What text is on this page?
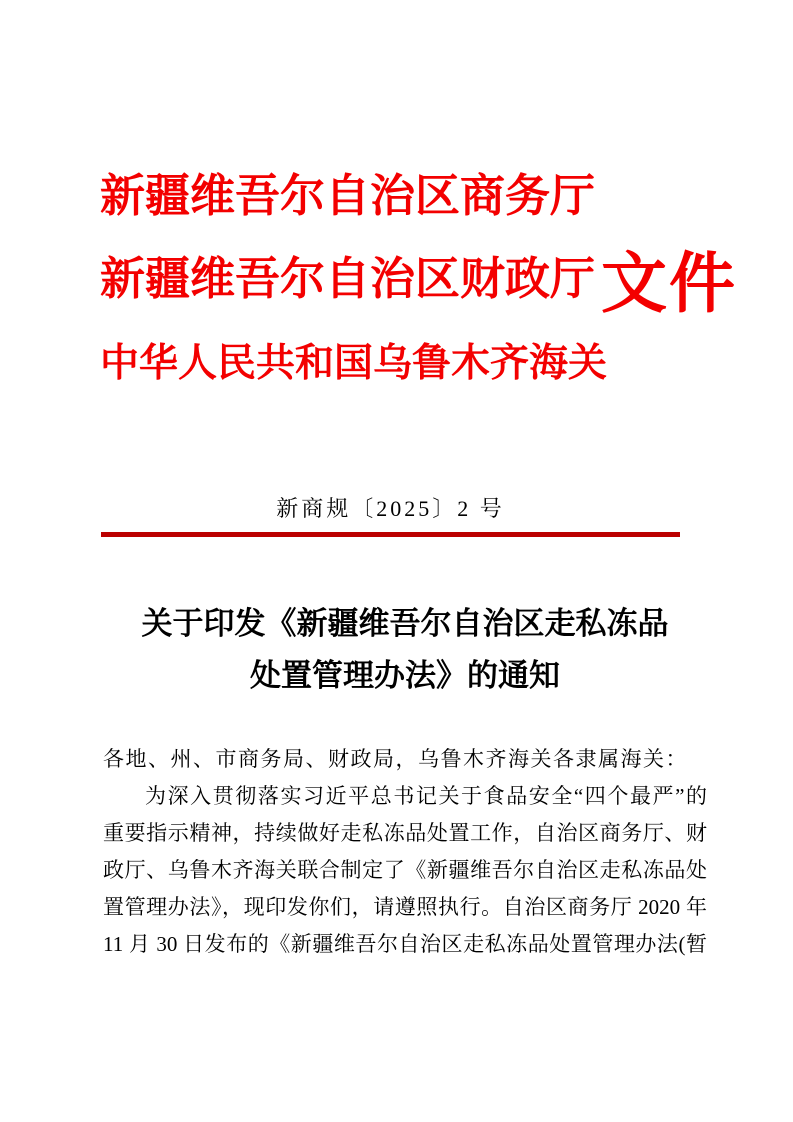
新疆维吾尔自治区商务厅
新疆维吾尔自治区财政厅文件
中华人民共和国乌鲁木齐海关
新商规〔2025〕2 号
关于印发《新疆维吾尔自治区走私冻品
处置管理办法》的通知
各地、州、市商务局、财政局，乌鲁木齐海关各隶属海关：
为深入贯彻落实习近平总书记关于食品安全“四个最严”的
重要指示精神，持续做好走私冻品处置工作，自治区商务厅、财
政厅、乌鲁木齐海关联合制定了《新疆维吾尔自治区走私冻品处
置管理办法》，现印发你们，请遵照执行。自治区商务厅 2020 年
11 月 30 日发布的《新疆维吾尔自治区走私冻品处置管理办法(暂
